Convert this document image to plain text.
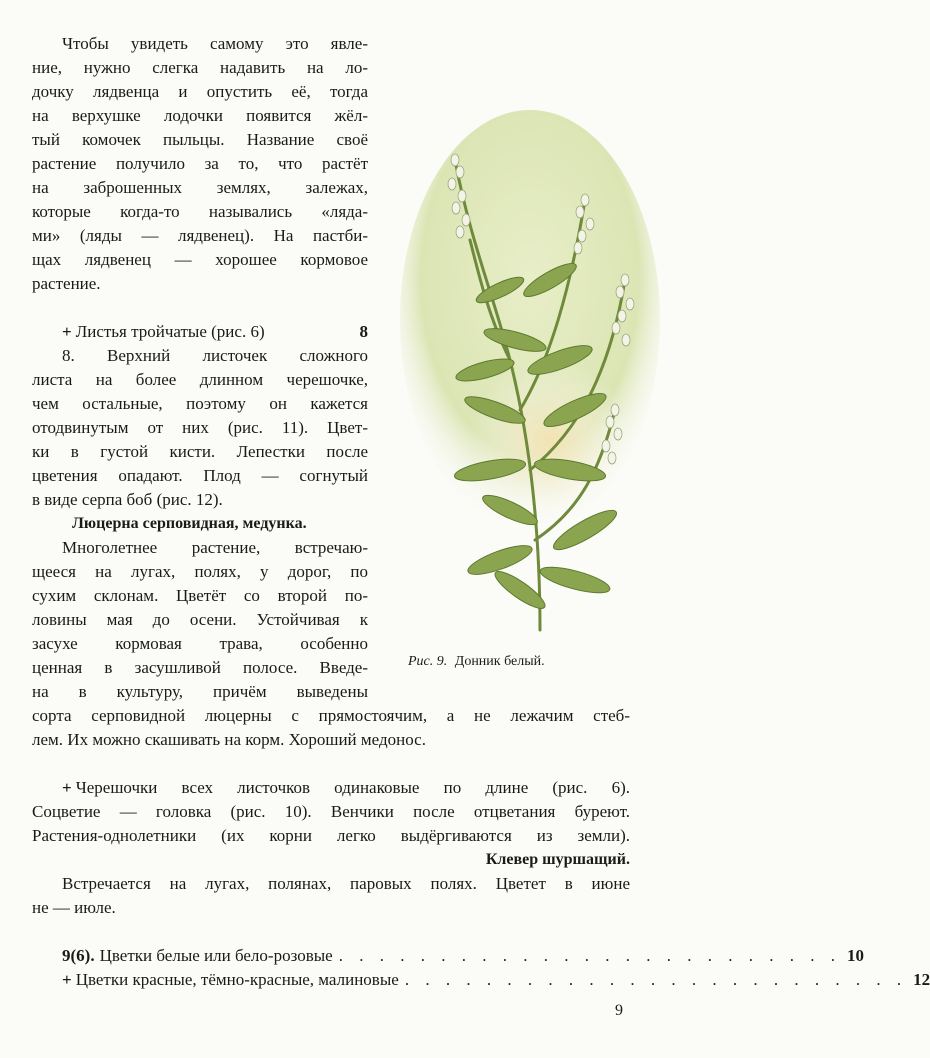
Чтобы увидеть самому это явле-
ние, нужно слегка надавить на ло-
дочку лядвенца и опустить её, тогда
на верхушке лодочки появится жёл-
тый комочек пыльцы. Название своё
растение получило за то, что растёт
на заброшенных землях, залежах,
которые когда-то назывались «ляда-
ми» (ляды — лядвенец). На пастби-
щах лядвенец — хорошее кормовое
растение.
+ Листья тройчатые (рис. 6)	8
8. Верхний листочек сложного
листа на более длинном черешочке,
чем остальные, поэтому он кажется
отодвинутым от них (рис. 11). Цвет-
ки в густой кисти. Лепестки после
цветения опадают. Плод — согнутый
в виде серпа боб (рис. 12).
Люцерна серповидная, медунка.
Многолетнее растение, встречаю-
щееся на лугах, полях, у дорог, по
сухим склонам. Цветёт со второй по-
ловины мая до осени. Устойчивая к
засухе кормовая трава, особенно
ценная в засушливой полосе. Введе-
на в культуру, причём выведены
сорта серповидной люцерны с прямостоячим, а не лежачим стеб-
лем. Их можно скашивать на корм. Хороший медонос.
Рис. 9. Донник белый.
+ Черешочки всех листочков одинаковые по длине (рис. 6).
Соцветие — головка (рис. 10). Венчики после отцветания буреют.
Растения-однолетники (их корни легко выдёргиваются из земли).
Клевер шуршащий.
Встречается на лугах, полянах, паровых полях. Цветет в июне
не — июле.
9(6). Цветки белые или бело-розовые . . . . . . . . . . . . . . . . . . . . . . . . . 10
+ Цветки красные, тёмно-красные, малиновые . . . . . . . . . . . . . . . . . . . . . . . . . 12
9
